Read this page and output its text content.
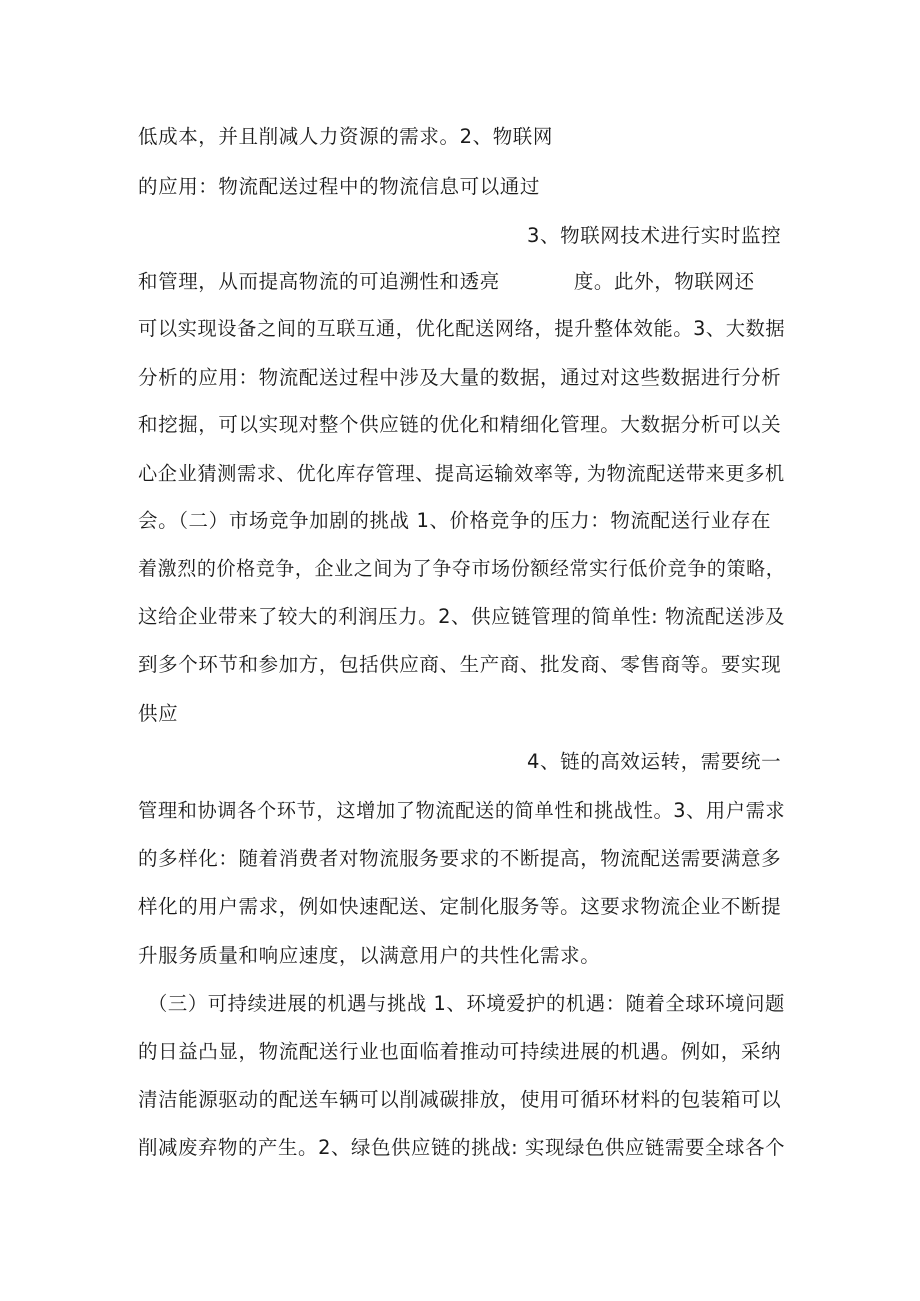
低成本，并且削减人力资源的需求。2、物联网
的应用：物流配送过程中的物流信息可以通过
3、物联网技术进行实时监控
和管理，从而提高物流的可追溯性和透亮	度。此外，物联网还
可以实现设备之间的互联互通，优化配送网络，提升整体效能。3、大数据
分析的应用：物流配送过程中涉及大量的数据，通过对这些数据进行分析
和挖掘，可以实现对整个供应链的优化和精细化管理。大数据分析可以关
心企业猜测需求、优化库存管理、提高运输效率等, 为物流配送带来更多机
会。（二）市场竞争加剧的挑战 1、价格竞争的压力：物流配送行业存在
着激烈的价格竞争，企业之间为了争夺市场份额经常实行低价竞争的策略，
这给企业带来了较大的利润压力。2、供应链管理的简单性: 物流配送涉及
到多个环节和参加方，包括供应商、生产商、批发商、零售商等。要实现
供应
4、链的高效运转，需要统一
管理和协调各个环节，这增加了物流配送的简单性和挑战性。3、用户需求
的多样化：随着消费者对物流服务要求的不断提高，物流配送需要满意多
样化的用户需求，例如快速配送、定制化服务等。这要求物流企业不断提
升服务质量和响应速度，以满意用户的共性化需求。
（三）可持续进展的机遇与挑战 1、环境爱护的机遇：随着全球环境问题
的日益凸显，物流配送行业也面临着推动可持续进展的机遇。例如，采纳
清洁能源驱动的配送车辆可以削减碳排放，使用可循环材料的包装箱可以
削减废弃物的产生。2、绿色供应链的挑战: 实现绿色供应链需要全球各个
